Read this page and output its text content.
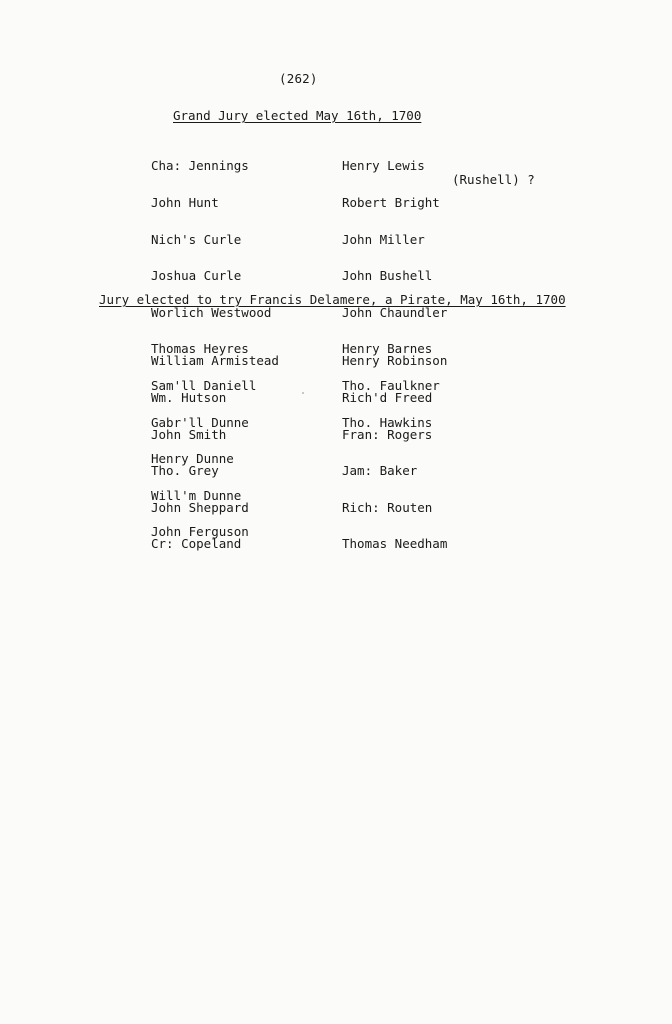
(262)
Grand Jury elected May 16th, 1700

Cha: Jennings

John Hunt

Nich's Curle

Joshua Curle

Worlich Westwood

Thomas Heyres

Sam'll Daniell

Gabr'll Dunne

Henry Dunne

Will'm Dunne

John Ferguson

Henry Lewis

Robert Bright

John Miller

John Bushell

John Chaundler

Henry Barnes

Tho. Faulkner

Tho. Hawkins

(Rushell) ?
Jury elected to try Francis Delamere, a Pirate, May 16th, 1700

William Armistead

Wm. Hutson

John Smith

Tho. Grey

John Sheppard

Cr: Copeland

Henry Robinson

Rich'd Freed

Fran: Rogers

Jam: Baker

Rich: Routen

Thomas Needham
